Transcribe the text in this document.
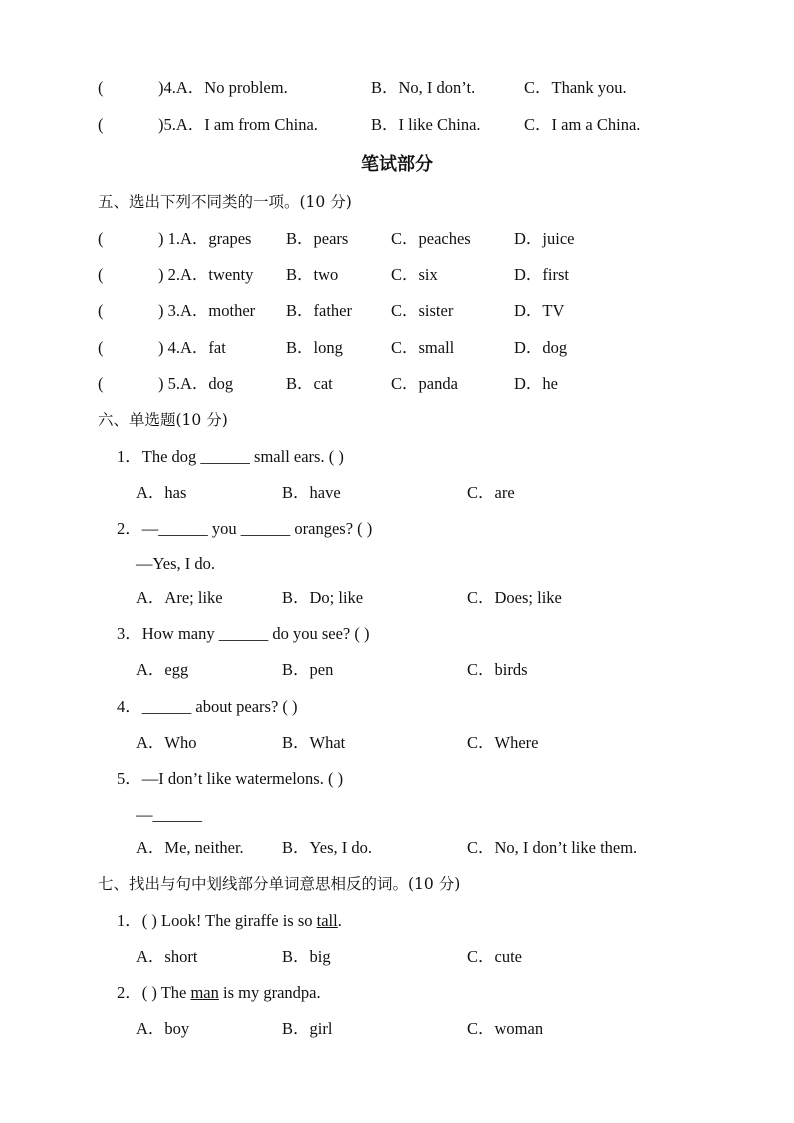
(	)4.A．No problem.	B．No, I don’t.	C．Thank you.
(	)5.A．I am from China.	B．I like China.	C．I am a China.
笔试部分
五、选出下列不同类的一项。(10 分)
(	) 1.A．grapes B．pears	C．peaches	D．juice
(	) 2.A．twenty B．two	C．six	D．first
(	) 3.A．mother B．father C．sister	D．TV
(	) 4.A．fat	B．long	C．small	D．dog
(	) 5.A．dog	B．cat	C．panda	D．he
六、单选题(10 分)
1．The dog ______ small ears. ( )
A．has	B．have	C．are
2．—______ you ______ oranges? ( )
—Yes, I do.
A．Are; like	B．Do; like	C．Does; like
3．How many ______ do you see? ( )
A．egg	B．pen	C．birds
4．______ about pears? ( )
A．Who	B．What	C．Where
5．—I don’t like watermelons. ( )
—______
A．Me, neither. B．Yes, I do.	C．No, I don’t like them.
七、找出与句中划线部分单词意思相反的词。(10 分)
1．( ) Look! The giraffe is so tall.
A．short	B．big	C．cute
2．( ) The man is my grandpa.
A．boy	B．girl	C．woman
